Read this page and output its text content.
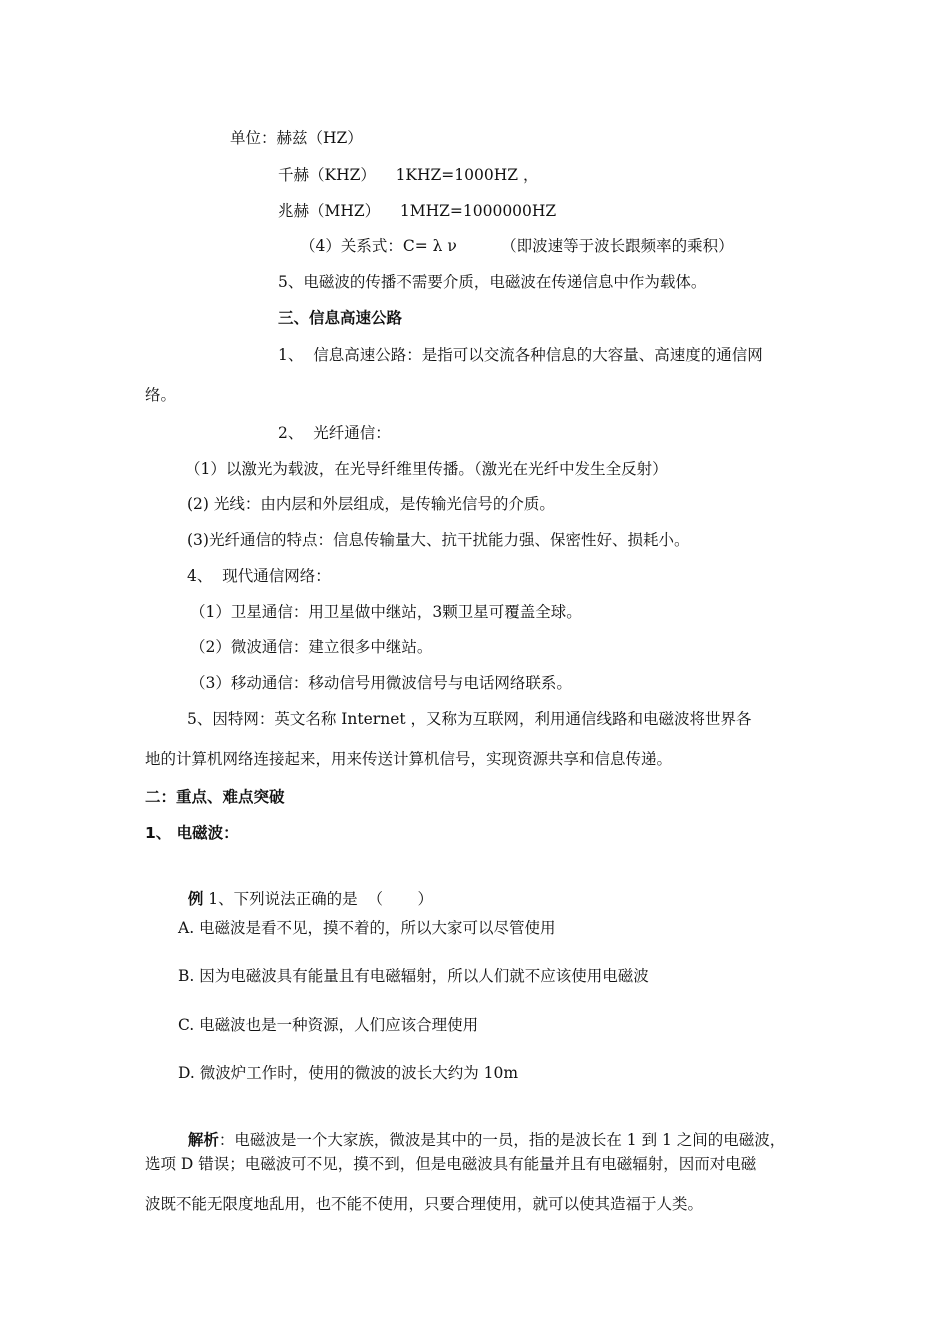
单位：赫兹（HZ）
千赫（KHZ）    1KHZ=1000HZ ，
兆赫（MHZ）    1MHZ=1000000HZ
（4）关系式：C= λ ν         （即波速等于波长跟频率的乘积）
5、电磁波的传播不需要介质，电磁波在传递信息中作为载体。
三、信息高速公路
1、  信息高速公路：是指可以交流各种信息的大容量、高速度的通信网
络。
2、  光纤通信：
（1）以激光为载波，在光导纤维里传播。（激光在光纤中发生全反射）
(2) 光线：由内层和外层组成，是传输光信号的介质。
(3)光纤通信的特点：信息传输量大、抗干扰能力强、保密性好、损耗小。
4、  现代通信网络：
（1）卫星通信：用卫星做中继站，3颗卫星可覆盖全球。
（2）微波通信：建立很多中继站。
（3）移动通信：移动信号用微波信号与电话网络联系。
5、因特网：英文名称 Internet ，又称为互联网，利用通信线路和电磁波将世界各
地的计算机网络连接起来，用来传送计算机信号，实现资源共享和信息传递。
二：重点、难点突破
1、 电磁波：

例 1、下列说法正确的是  （       ）

A. 电磁波是看不见，摸不着的，所以大家可以尽管使用
B. 因为电磁波具有能量且有电磁辐射，所以人们就不应该使用电磁波
C. 电磁波也是一种资源，人们应该合理使用
D. 微波炉工作时，使用的微波的波长大约为 10m

解析：电磁波是一个大家族，微波是其中的一员，指的是波长在 1 到 1 之间的电磁波，

选项 D 错误；电磁波可不见，摸不到，但是电磁波具有能量并且有电磁辐射，因而对电磁
波既不能无限度地乱用，也不能不使用，只要合理使用，就可以使其造福于人类。
